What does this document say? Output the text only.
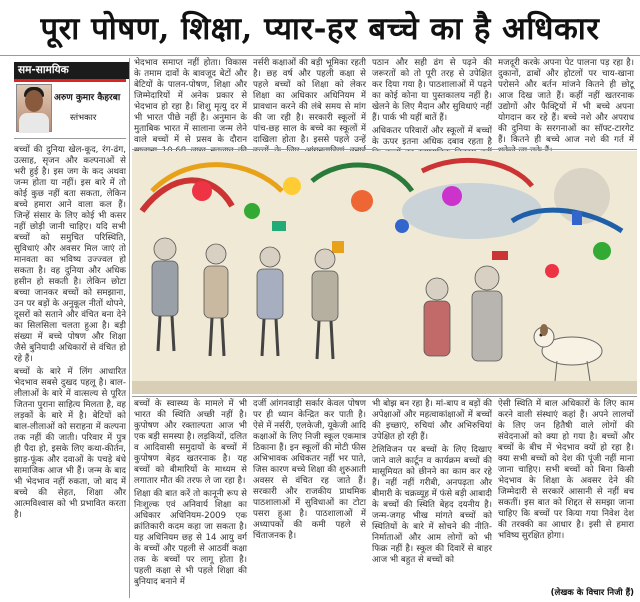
पूरा पोषण, शिक्षा, प्यार-हर बच्चे का है अधिकार
सम-सामयिक
अरुण कुमार कैहरबा
स्तंभकार

बच्चों की दुनिया खेल-कूद, रंग-ढंग, उत्साह, सृजन और कल्पनाओं से भरी हुई है। इस जग के कद अथवा जन्म होता या नहीं। इस बारे में तो कोई कुछ नहीं बता सकता, लेकिन बच्चे हमारा आने वाला कल हैं। जिन्हें संसार के लिए कोई भी कसर नहीं छोड़ी जानी चाहिए। यदि सभी बच्चों को समुचित परिस्थिति, सुविधाएं और अवसर मिल जाएं तो मानवता का भविष्य उज्ज्वल हो सकता है। वह दुनिया और अधिक हसीन हो सकती है। लेकिन छोटा बच्चा जानकर बच्चों को समझाना, उन पर बड़ों के अनुकूल नीतों थोपने, दूसरों को सताने और वंचित बना देने का सिलसिला चलता हुआ है। बड़ी संख्या में बच्चे पोषण और शिक्षा जैसे बुनियादी अधिकारों से वंचित हो रहे हैं।

बच्चों के बारे में लिंग आधारित भेदभाव सबसे दुखद पहलू है। बाल-लीलाओं के बारे में वात्सल्य से पूरित जितना पुराना साहित्य मिलता है, वह लड़कों के बारे में है। बेटियों को बाल-लीलाओं को सराहना में कल्पना तक नहीं की जाती। परिवार में पुत्र ही पैदा हो, इसके लिए कथा-कीर्तन, झाड़-फूंक और दवाओं के पचड़े बंधे सामाजिक आज भी हैं। जन्म के बाद भी भेदभाव नहीं रुकता, जो बाद में बच्चे की सेहत, शिक्षा और आत्मविश्वास को भी प्रभावित करता है।

भेदभाव समाप्त नहीं होता। विकास के तमाम दावों के बावजूद बेटों और बेटियों के पालन-पोषण, शिक्षा और जिम्मेदारियों में अनेक प्रकार से भेदभाव हो रहा है। शिशु मृत्यु दर में भी भारत पीछे नहीं है। अनुमान के मुताबिक भारत में सालाना जन्म लेने वाले बच्चों में से प्रसव के दौरान

नर्सरी कक्षाओं की बड़ी भूमिका रहती है। छह वर्ष और पहली कक्षा से पहले बच्चों को शिक्षा को लेकर शिक्षा का अधिकार अधिनियम में प्रावधान करने की लंबे समय से मांग की जा रही है। सरकारी स्कूलों में पांच-छह साल के बच्चे का स्कूलों में दाखिला होता है। इससे पहले उन्हें

पठान और सही ढंग से पढ़ने की जरूरतों को तो पूरी तरह से उपेक्षित कर दिया गया है। पाठशालाओं में पढ़ने का कोई कोना या पुस्तकालय नहीं है। खेलने के लिए मैदान और सुविधाएं नहीं हैं। पार्क भी यहीं बातें हैं।

अधिकतर परिवारों और स्कूलों में बच्चों के ऊपर इतना अधिक दबाव रहता है

मजदूरी करके अपना पेट पालना पड़ रहा है। दुकानों, ढाबों और होटलों पर चाय-खाना परोसने और बर्तन मांजने कितने ही छोटू आज दिख जाते हैं। कहीं नहीं खतरनाक उद्योगों और फैक्ट्रियों में भी बच्चे अपना योगदान कर रहे हैं। बच्चे नशे और अपराध की दुनिया के सरगनाओं का सॉफ्ट-टारगेट हैं। कितने ही बच्चे आज नशे की गर्त में

बच्चों के स्वास्थ्य के मामले में भी भारत की स्थिति अच्छी नहीं है। कुपोषण और रक्ताल्पता आज भी एक बड़ी समस्या है। लड़कियों, दलित व आदिवासी समुदायों के बच्चों में कुपोषण बेहद खतरनाक है। यह बच्चों को बीमारियों के माध्यम से लगातार मौत की तरफ ले जा रहा है।

शिक्षा की बात करें तो कानूनी रूप से निःशुल्क एवं अनिवार्य शिक्षा का अधिकार अधिनियम-2009 एक क्रांतिकारी कदम कहा जा सकता है। यह अधिनियम छह से 14 आयु वर्ग के बच्चों और पहली से आठवीं कक्षा तक के बच्चों पर लागू होता है। पहली कक्षा से भी पहले शिक्षा की बुनियाद बनाने में

दर्जी आंगनवाड़ी सर्कार केवल पोषण पर ही ध्यान केन्द्रित कर पाती है। ऐसे में नर्सरी, एलकेजी, यूकेजी आदि कक्षाओं के लिए निजी स्कूल एकमात्र ठिकाना हैं। इन स्कूलों की मोटी फीस अभिभावक अधिकतर नहीं भर पाते, जिस कारण बच्चे शिक्षा की शुरुआती अवसर से वंचित रह जाते हैं। सरकारी और राजकीय प्राथमिक पाठशालाओं में सुविधाओं का टोटा पसरा हुआ है। पाठशालाओं में अध्यापकों की कमी पहले से चिंताजनक है।

भी बोझ बन रहा है। मां-बाप व बड़ों की अपेक्षाओं और महत्वाकांक्षाओं में बच्चों की इच्छाएं, रुचियां और अभिरुचियां उपेक्षित हो रही हैं।

टेलिविजन पर बच्चों के लिए दिखाए जाने वाले कार्टून व कार्यक्रम बच्चों की मासूमियत को छीनने का काम कर रहे हैं। नहीं नहीं गरीबी, अनपढ़ता और बीमारी के चक्रव्यूह में फंसे बड़ी आबादी के बच्चों की स्थिति बेहद दयनीय है। जन्म-जगह भीख मांगते बच्चों को स्थितियों के बारे में सोचने की नीति-निर्माताओं और आम लोगों को भी फिक्र नहीं है। स्कूल की दिवारें से बाहर आज भी बहुत से बच्चों को

ऐसी स्थिति में बाल अधिकारों के लिए काम करने वाली संस्थाएं कहां हैं। अपने लालचों के लिए जन हितैषी वाले लोगों की संवेदनाओं को क्या हो गया है। बच्चों और बच्चों के बीच में भेदभाव क्यों हो रहा है। क्या सभी बच्चों को देश की पूंजी नहीं माना जाना चाहिए। सभी बच्चों को बिना किसी भेदभाव के शिक्षा के अवसर देने की जिम्मेदारी से सरकारें आसानी से नहीं बच सकतीं। इस बात को शिद्दत से समझा जाना चाहिए कि बच्चों पर किया गया निवेश देश की तरक्की का आधार है। इसी से हमारा भविष्य सुरक्षित होगा।

(लेखक के विचार निजी हैं)
